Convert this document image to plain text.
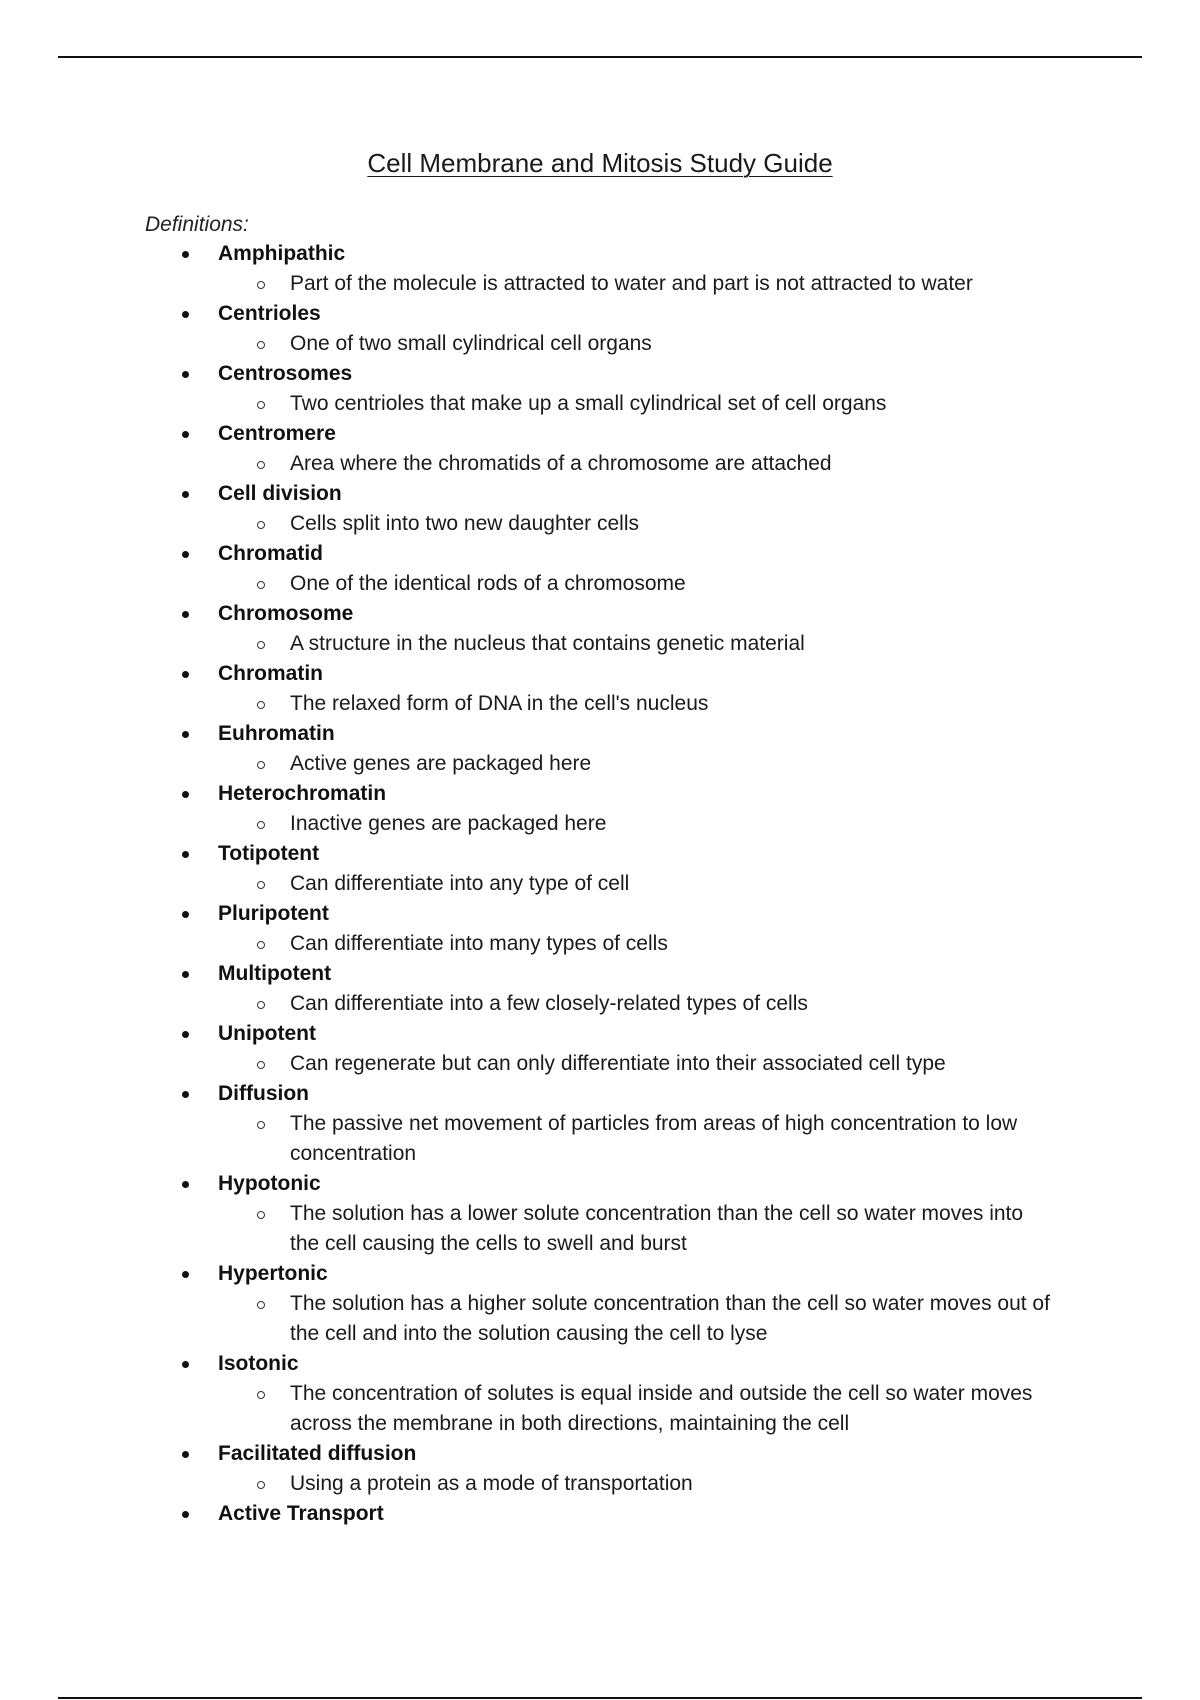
Cell Membrane and Mitosis Study Guide
Definitions:
Amphipathic
Part of the molecule is attracted to water and part is not attracted to water
Centrioles
One of two small cylindrical cell organs
Centrosomes
Two centrioles that make up a small cylindrical set of cell organs
Centromere
Area where the chromatids of a chromosome are attached
Cell division
Cells split into two new daughter cells
Chromatid
One of the identical rods of a chromosome
Chromosome
A structure in the nucleus that contains genetic material
Chromatin
The relaxed form of DNA in the cell's nucleus
Euhromatin
Active genes are packaged here
Heterochromatin
Inactive genes are packaged here
Totipotent
Can differentiate into any type of cell
Pluripotent
Can differentiate into many types of cells
Multipotent
Can differentiate into a few closely-related types of cells
Unipotent
Can regenerate but can only differentiate into their associated cell type
Diffusion
The passive net movement of particles from areas of high concentration to low concentration
Hypotonic
The solution has a lower solute concentration than the cell so water moves into the cell causing the cells to swell and burst
Hypertonic
The solution has a higher solute concentration than the cell so water moves out of the cell and into the solution causing the cell to lyse
Isotonic
The concentration of solutes is equal inside and outside the cell so water moves across the membrane in both directions, maintaining the cell
Facilitated diffusion
Using a protein as a mode of transportation
Active Transport
